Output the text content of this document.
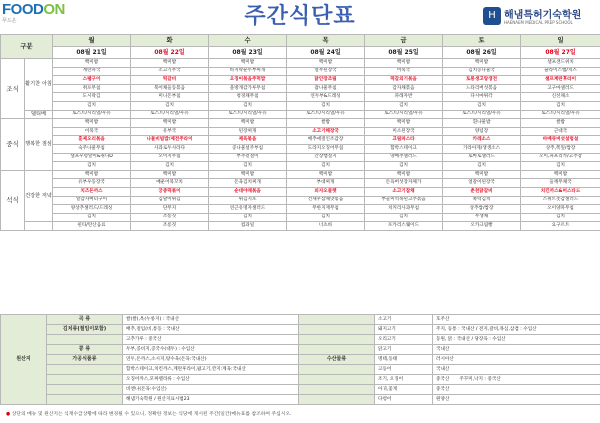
FOODON
푸드온	주간식단표	H 해냄특허기숙학원
HAENAEM MEDICAL PREP SCHOOL
구분		월	화	수	목	금	토	일
		08월 21일	08월 22일	08월 23일	08월 24일	08월 25일	08월 26일	08월 27일
조식	활기찬 아침	백미밥	백미밥	백미밥	백미밥	백미밥	백미밥	셀프샌드위치
		계란파국	소고기무국	바지락순두부찌개	얼무된장국	어묵국	김치콩나물국	슬라이스햄/치즈
		스팸구이	떡갈비	오징어볶음주먹밥	닭안장조림	떡갈외기볶음	토통생고랑갱전	셀프계란후라이
		쥐포무침	북어채들동볶음	올방개감가루무침	잡나물무침	감자채볶음	느타리버섯볶음	고구마샐러드
		도시락김	미니돈부침	청경채무침	연두부&드레싱	파래자반	다시마튀각	신선채소
		김치	김치	김치	김치	김치	김치	김치
	델티베	토스트/시리얼/우유	토스트/시리얼/우유	토스트/시리얼/우유	토스트/시리얼/우유	토스트/시리얼/우유	토스트/시리얼/우유	토스트/시리얼/우유
중식	행복한 점심	백미밥	백미밥	백미밥	쌀밥	백미밥	흰나물밥	쌀밥
		어묵국	유부국	된장찌개	소고기해장국	미소된장국	양념장	근대국
		훈제오리볶음	나물비빔밥/제전주라이	제육볶음	배추애절인조갑장	크림파스타	카레소스	바베큐버섯설렁설
		숙주나물무침	사과로두사라다	콩나물설주부침	도라지오징어무침	함박스테이크	가라아게/생생소스	상추,쪽잎/쌈장
		셀프우렁알이&취나D	오이지무침	부추겉절이	간장쨈절지	양배추샐러드	토마토샐러드	오이,파프리카/고추장
		김치	김치	김치	김치	김치	김치	김치
석식	건강한 저녁	백미밥	백미밥	백미밥	백미밥	백미밥	백미밥	백미밥
		유부우동장국	매운어묵꼬치	돈육김치찌개	부대찌개	돈육버섯장자체가	얼갈이된장국	들깨무채국
		치즈돈까스	궁중떡볶이	순대야채볶음	피자오믈렛	소고기잡채	춘천닭갈비	치킨까스&머스타드
		알감자버터구이	김말이튀김	튀김지포	건새우삼채맛볶음	부들미역목된고추볶음	쭉떡김치	스위트옷감샐러드
		양상추샐러드/드레싱	단무지	연근유명자샐러드	무한지재무침	치커리사과무침	상추쌈/쌈장	오이양파무침
		김치	조롱짓	김치	김치	김치	무생채	김치
		핀타/탄산음료	조롱짓	컵과일	너츠바	포카리스웨이드	오카크림빵	요구르트
원산지	곡 류	쌀(쌀),옥(누룽지) : 국내산		소고기	호주산
	김치류(절임이포함)	배추,절임(비,통동 : 국내산		돼지고기	주지, 등통 : 국내산 / 전지,갈비,목심,삼겹 : 수입산
		고추가루 : 중국산		오리고기	동원, 닭 : 국내산 / 당장육 : 수입산
	콩 류	두부,콩비지,콩국수(대두) : 수입산		닭고기	국내산
	가공식품류	연두,돈까스,소시지,탕수육(돈육:국내산)	수산물류	명태,동태	러시아산
		함박스테이크,치킨까스,계란후라이,팝고기,깐지:계육:국내산		고등어	국내산
		오징어까스,모짜렐라류 : 수입산		조기, 오징어	중국산 주꾸미,낙지 : 중국산
		비엔나(돈육:수입산)		아귀,꽃게	중국산
		해냄기숙학원 / 원산지표시법23		다령어	원양산
● 상단의 메뉴 및 원산지는 식재수급상황에 따라 변경될 수 있으니, 정확한 정보는 식당에 게시된 주간(일간)메뉴표를 참조하여 주십시오.
